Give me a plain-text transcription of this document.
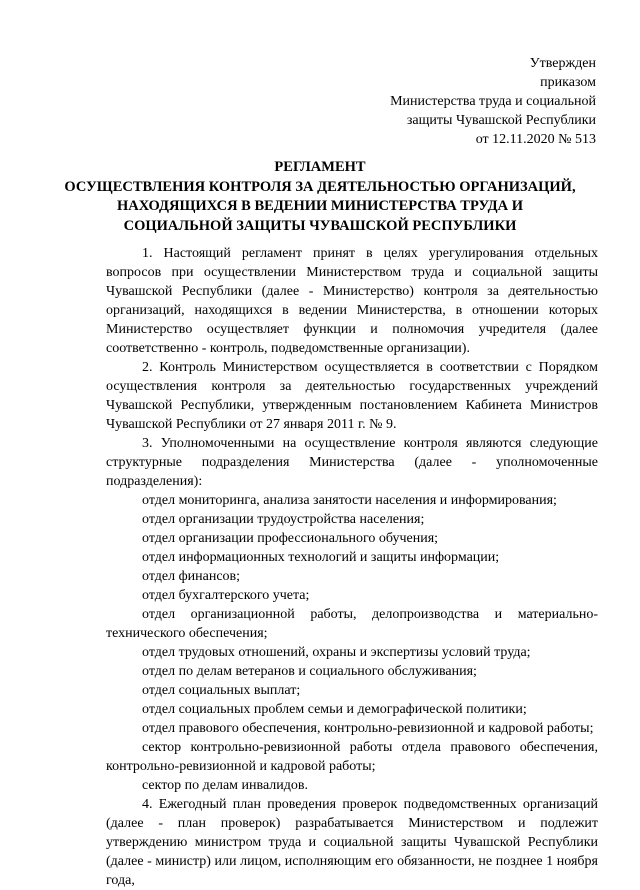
Утвержден
приказом
Министерства труда и социальной
защиты Чувашской Республики
от 12.11.2020 № 513
РЕГЛАМЕНТ
ОСУЩЕСТВЛЕНИЯ КОНТРОЛЯ ЗА ДЕЯТЕЛЬНОСТЬЮ ОРГАНИЗАЦИЙ,
НАХОДЯЩИХСЯ В ВЕДЕНИИ МИНИСТЕРСТВА ТРУДА И
СОЦИАЛЬНОЙ ЗАЩИТЫ ЧУВАШСКОЙ РЕСПУБЛИКИ

1. Настоящий регламент принят в целях урегулирования отдельных вопросов при осуществлении Министерством труда и социальной защиты Чувашской Республики (далее - Министерство) контроля за деятельностью организаций, находящихся в ведении Министерства, в отношении которых Министерство осуществляет функции и полномочия учредителя (далее соответственно - контроль, подведомственные организации).

2. Контроль Министерством осуществляется в соответствии с Порядком осуществления контроля за деятельностью государственных учреждений Чувашской Республики, утвержденным постановлением Кабинета Министров Чувашской Республики от 27 января 2011 г. № 9.

3. Уполномоченными на осуществление контроля являются следующие структурные подразделения Министерства (далее - уполномоченные подразделения):

отдел мониторинга, анализа занятости населения и информирования;

отдел организации трудоустройства населения;

отдел организации профессионального обучения;

отдел информационных технологий и защиты информации;

отдел финансов;

отдел бухгалтерского учета;

отдел организационной работы, делопроизводства и материально-технического обеспечения;

отдел трудовых отношений, охраны и экспертизы условий труда;

отдел по делам ветеранов и социального обслуживания;

отдел социальных выплат;

отдел социальных проблем семьи и демографической политики;

отдел правового обеспечения, контрольно-ревизионной и кадровой работы;

сектор контрольно-ревизионной работы отдела правового обеспечения, контрольно-ревизионной и кадровой работы;

сектор по делам инвалидов.

4. Ежегодный план проведения проверок подведомственных организаций (далее - план проверок) разрабатывается Министерством и подлежит утверждению министром труда и социальной защиты Чувашской Республики (далее - министр) или лицом, исполняющим его обязанности, не позднее 1 ноября года,
